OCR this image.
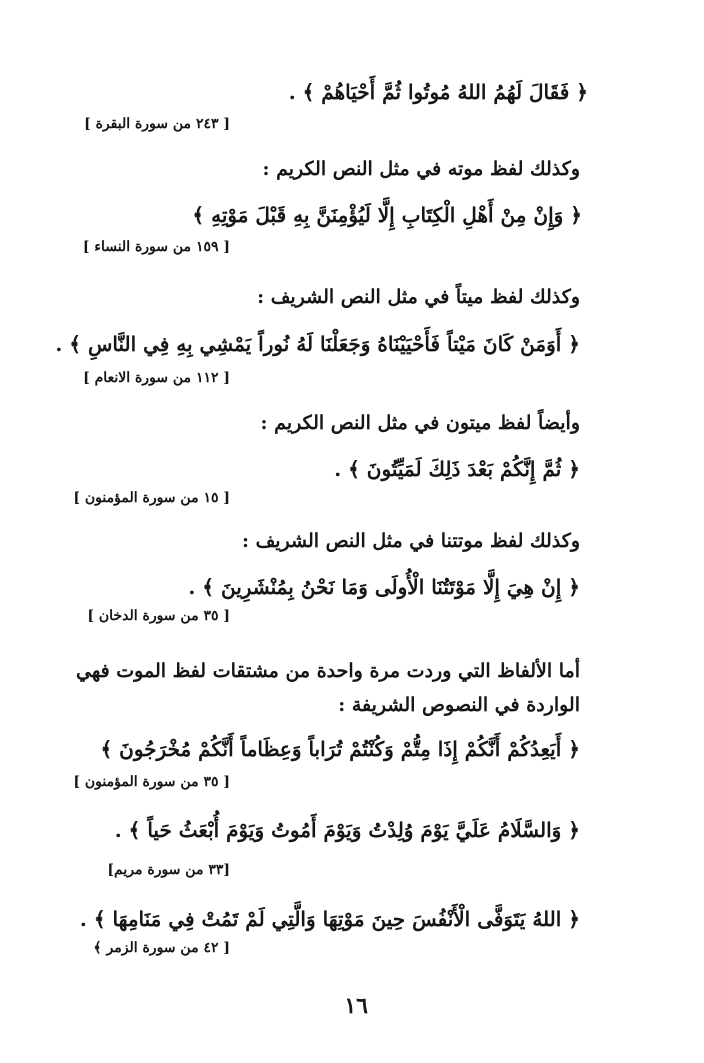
﴿ فَقَالَ لَهُمُ اللهُ مُوتُوا ثُمَّ أَحْيَاهُمْ ﴾ .
[ ٢٤٣ من سورة البقرة ]
وكذلك لفظ موته في مثل النص الكريم :
﴿ وَإِنْ مِنْ أَهْلِ الْكِتَابِ إِلَّا لَيُؤْمِنَنَّ بِهِ قَبْلَ مَوْتِهِ ﴾
[ ١٥٩ من سورة النساء ]
وكذلك لفظ ميتاً في مثل النص الشريف :
﴿ أَوَمَنْ كَانَ مَيْتاً فَأَحْيَيْنَاهُ وَجَعَلْنَا لَهُ نُوراً يَمْشِي بِهِ فِي النَّاسِ ﴾ .
[ ١١٢ من سورة الانعام ]
وأيضاً لفظ ميتون في مثل النص الكريم :
﴿ ثُمَّ إِنَّكُمْ بَعْدَ ذَلِكَ لَمَيِّتُونَ ﴾ .
[ ١٥ من سورة المؤمنون ]
وكذلك لفظ موتتنا في مثل النص الشريف :
﴿ إِنْ هِيَ إِلَّا مَوْتَتُنَا الْأُولَى وَمَا نَحْنُ بِمُنْشَرِينَ ﴾ .
[ ٣٥ من سورة الدخان ]
أما الألفاظ التي وردت مرة واحدة من مشتقات لفظ الموت فهي
الواردة في النصوص الشريفة :
﴿ أَيَعِدُكُمْ أَنَّكُمْ إِذَا مِتُّمْ وَكُنْتُمْ تُرَاباً وَعِظَاماً أَنَّكُمْ مُخْرَجُونَ ﴾
[ ٣٥ من سورة المؤمنون ]
﴿ وَالسَّلَامُ عَلَيَّ يَوْمَ وُلِدْتُ وَيَوْمَ أَمُوتُ وَيَوْمَ أُبْعَثُ حَياً ﴾ .
[٣٣ من سورة مريم]
﴿ اللهُ يَتَوَفَّى الْأَنْفُسَ حِينَ مَوْتِهَا وَالَّتِي لَمْ تَمُتْ فِي مَنَامِهَا ﴾ .
[ ٤٢ من سورة الزمر ﴾
١٦
